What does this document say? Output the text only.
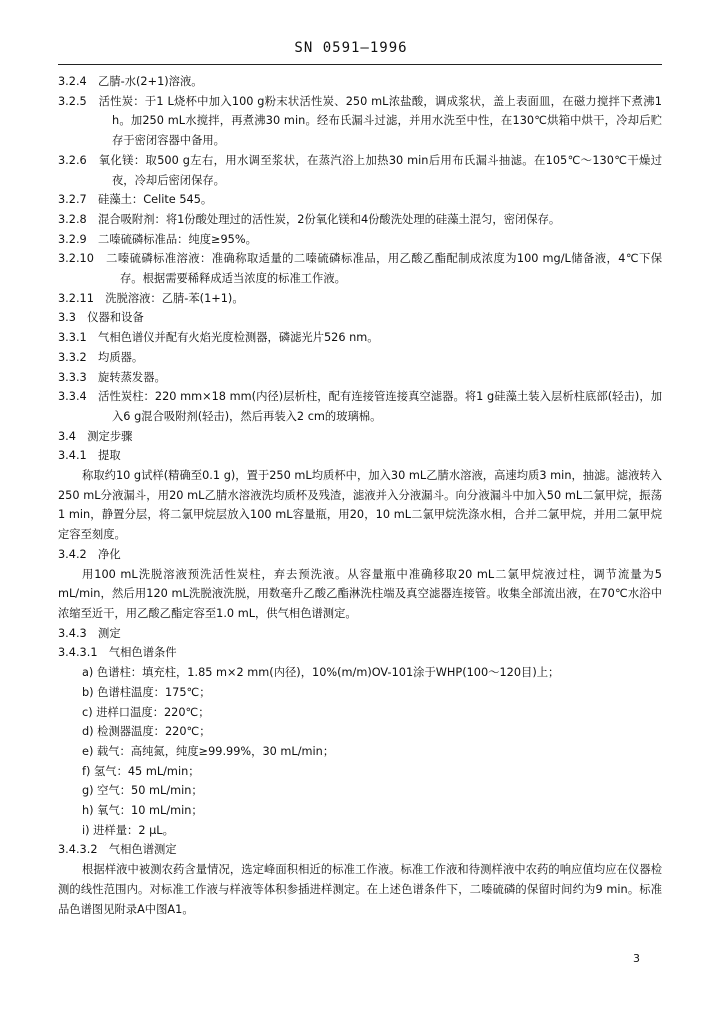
SN 0591—1996

3.2.4　乙腈-水(2+1)溶液。

3.2.5　活性炭：于1 L烧杯中加入100 g粉末状活性炭、250 mL浓盐酸，调成浆状，盖上表面皿，在磁力搅拌下煮沸1 h。加250 mL水搅拌，再煮沸30 min。经布氏漏斗过滤，并用水洗至中性，在130℃烘箱中烘干，冷却后贮存于密闭容器中备用。

3.2.6　氧化镁：取500 g左右，用水调至浆状，在蒸汽浴上加热30 min后用布氏漏斗抽滤。在105℃～130℃干燥过夜，冷却后密闭保存。

3.2.7　硅藻土：Celite 545。

3.2.8　混合吸附剂：将1份酸处理过的活性炭，2份氧化镁和4份酸洗处理的硅藻土混匀，密闭保存。

3.2.9　二嗪硫磷标准品：纯度≥95%。

3.2.10　二嗪硫磷标准溶液：准确称取适量的二嗪硫磷标准品，用乙酸乙酯配制成浓度为100 mg/L储备液，4℃下保存。根据需要稀释成适当浓度的标准工作液。

3.2.11　洗脱溶液：乙腈-苯(1+1)。

3.3　仪器和设备

3.3.1　气相色谱仪并配有火焰光度检测器，磷滤光片526 nm。

3.3.2　均质器。

3.3.3　旋转蒸发器。

3.3.4　活性炭柱：220 mm×18 mm(内径)层析柱，配有连接管连接真空滤器。将1 g硅藻土装入层析柱底部(轻击)，加入6 g混合吸附剂(轻击)，然后再装入2 cm的玻璃棉。

3.4　测定步骤

3.4.1　提取

称取约10 g试样(精确至0.1 g)，置于250 mL均质杯中，加入30 mL乙腈水溶液，高速均质3 min，抽滤。滤液转入250 mL分液漏斗，用20 mL乙腈水溶液洗均质杯及残渣，滤液并入分液漏斗。向分液漏斗中加入50 mL二氯甲烷，振荡1 min，静置分层，将二氯甲烷层放入100 mL容量瓶，用20，10 mL二氯甲烷洗涤水相，合并二氯甲烷，并用二氯甲烷定容至刻度。

3.4.2　净化

用100 mL洗脱溶液预洗活性炭柱，弃去预洗液。从容量瓶中准确移取20 mL二氯甲烷液过柱，调节流量为5 mL/min，然后用120 mL洗脱液洗脱，用数毫升乙酸乙酯淋洗柱端及真空滤器连接管。收集全部流出液，在70℃水浴中浓缩至近干，用乙酸乙酯定容至1.0 mL，供气相色谱测定。

3.4.3　测定

3.4.3.1　气相色谱条件

a) 色谱柱：填充柱，1.85 m×2 mm(内径)，10%(m/m)OV-101涂于WHP(100～120目)上；

b) 色谱柱温度：175℃；

c) 进样口温度：220℃；

d) 检测器温度：220℃；

e) 载气：高纯氮，纯度≥99.99%，30 mL/min；

f) 氢气：45 mL/min；

g) 空气：50 mL/min；

h) 氧气：10 mL/min；

i) 进样量：2 μL。

3.4.3.2　气相色谱测定

根据样液中被测农药含量情况，选定峰面积相近的标准工作液。标准工作液和待测样液中农药的响应值均应在仪器检测的线性范围内。对标准工作液与样液等体积参插进样测定。在上述色谱条件下，二嗪硫磷的保留时间约为9 min。标准品色谱图见附录A中图A1。

3
